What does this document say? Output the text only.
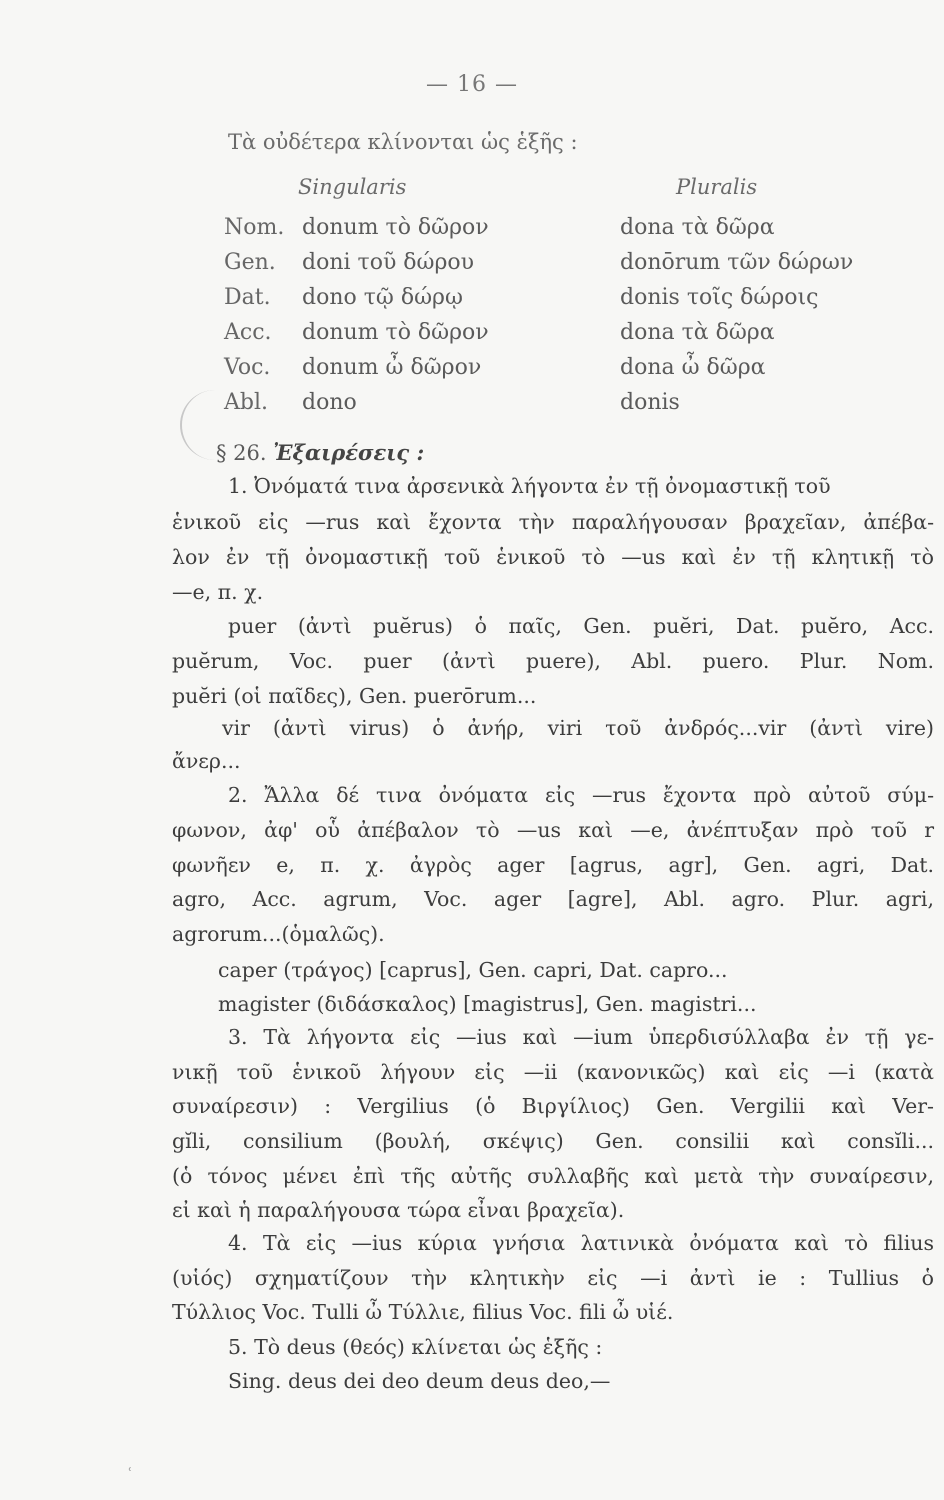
— 16 —
Τὰ οὐδέτερα κλίνονται ὡς ἑξῆς :
Singularis	Pluralis
Nom. donum τὸ δῶρον	dona τὰ δῶρα
Gen. doni τοῦ δώρου	donōrum τῶν δώρων
Dat. dono τῷ δώρῳ	donis τοῖς δώροις
Acc. donum τὸ δῶρον	dona τὰ δῶρα
Voc. donum ὦ δῶρον	dona ὦ δῶρα
Abl. dono	donis
§ 26. Ἐξαιρέσεις :
1. Ὀνόματά τινα ἀρσενικὰ λήγοντα ἐν τῇ ὀνομαστικῇ τοῦ
ἑνικοῦ εἰς —rus καὶ ἔχοντα τὴν παραλήγουσαν βραχεῖαν, ἀπέβα-
λον ἐν τῇ ὀνομαστικῇ τοῦ ἑνικοῦ τὸ —us καὶ ἐν τῇ κλητικῇ τὸ
—e, π. χ.
puer (ἀντὶ puĕrus) ὁ παῖς, Gen. puĕri, Dat. puĕro, Acc.
puĕrum, Voc. puer (ἀντὶ puere), Abl. puero. Plur. Nom.
puĕri (οἱ παῖδες), Gen. puerōrum...
vir (ἀντὶ virus) ὁ ἀνήρ, viri τοῦ ἀνδρός...vir (ἀντὶ vire)
ἄνερ...
2. Ἄλλα δέ τινα ὀνόματα εἰς —rus ἔχοντα πρὸ αὐτοῦ σύμ-
φωνον, ἀφ' οὗ ἀπέβαλον τὸ —us καὶ —e, ἀνέπτυξαν πρὸ τοῦ r
φωνῆεν e, π. χ. ἀγρὸς ager [agrus, agr], Gen. agri, Dat.
agro, Acc. agrum, Voc. ager [agre], Abl. agro. Plur. agri,
agrorum...(ὁμαλῶς).
caper (τράγος) [caprus], Gen. capri, Dat. capro...
magister (διδάσκαλος) [magistrus], Gen. magistri...
3. Τὰ λήγοντα εἰς —ius καὶ —ium ὑπερδισύλλαβα ἐν τῇ γε-
νικῇ τοῦ ἑνικοῦ λήγουν εἰς —ii (κανονικῶς) καὶ εἰς —i (κατὰ
συναίρεσιν) : Vergilius (ὁ Βιργίλιος) Gen. Vergilii καὶ Ver-
gĭli, consilium (βουλή, σκέψις) Gen. consilii καὶ consĭli...
(ὁ τόνος μένει ἐπὶ τῆς αὐτῆς συλλαβῆς καὶ μετὰ τὴν συναίρεσιν,
εἰ καὶ ἡ παραλήγουσα τώρα εἶναι βραχεῖα).
4. Τὰ εἰς —ius κύρια γνήσια λατινικὰ ὀνόματα καὶ τὸ filius
(υἱός) σχηματίζουν τὴν κλητικὴν εἰς —i ἀντὶ ie : Tullius ὁ
Τύλλιος Voc. Tulli ὦ Τύλλιε, filius Voc. fili ὦ υἱέ.
5. Τὸ deus (θεός) κλίνεται ὡς ἑξῆς :
Sing. deus dei deo deum deus deo,—
ʿ
